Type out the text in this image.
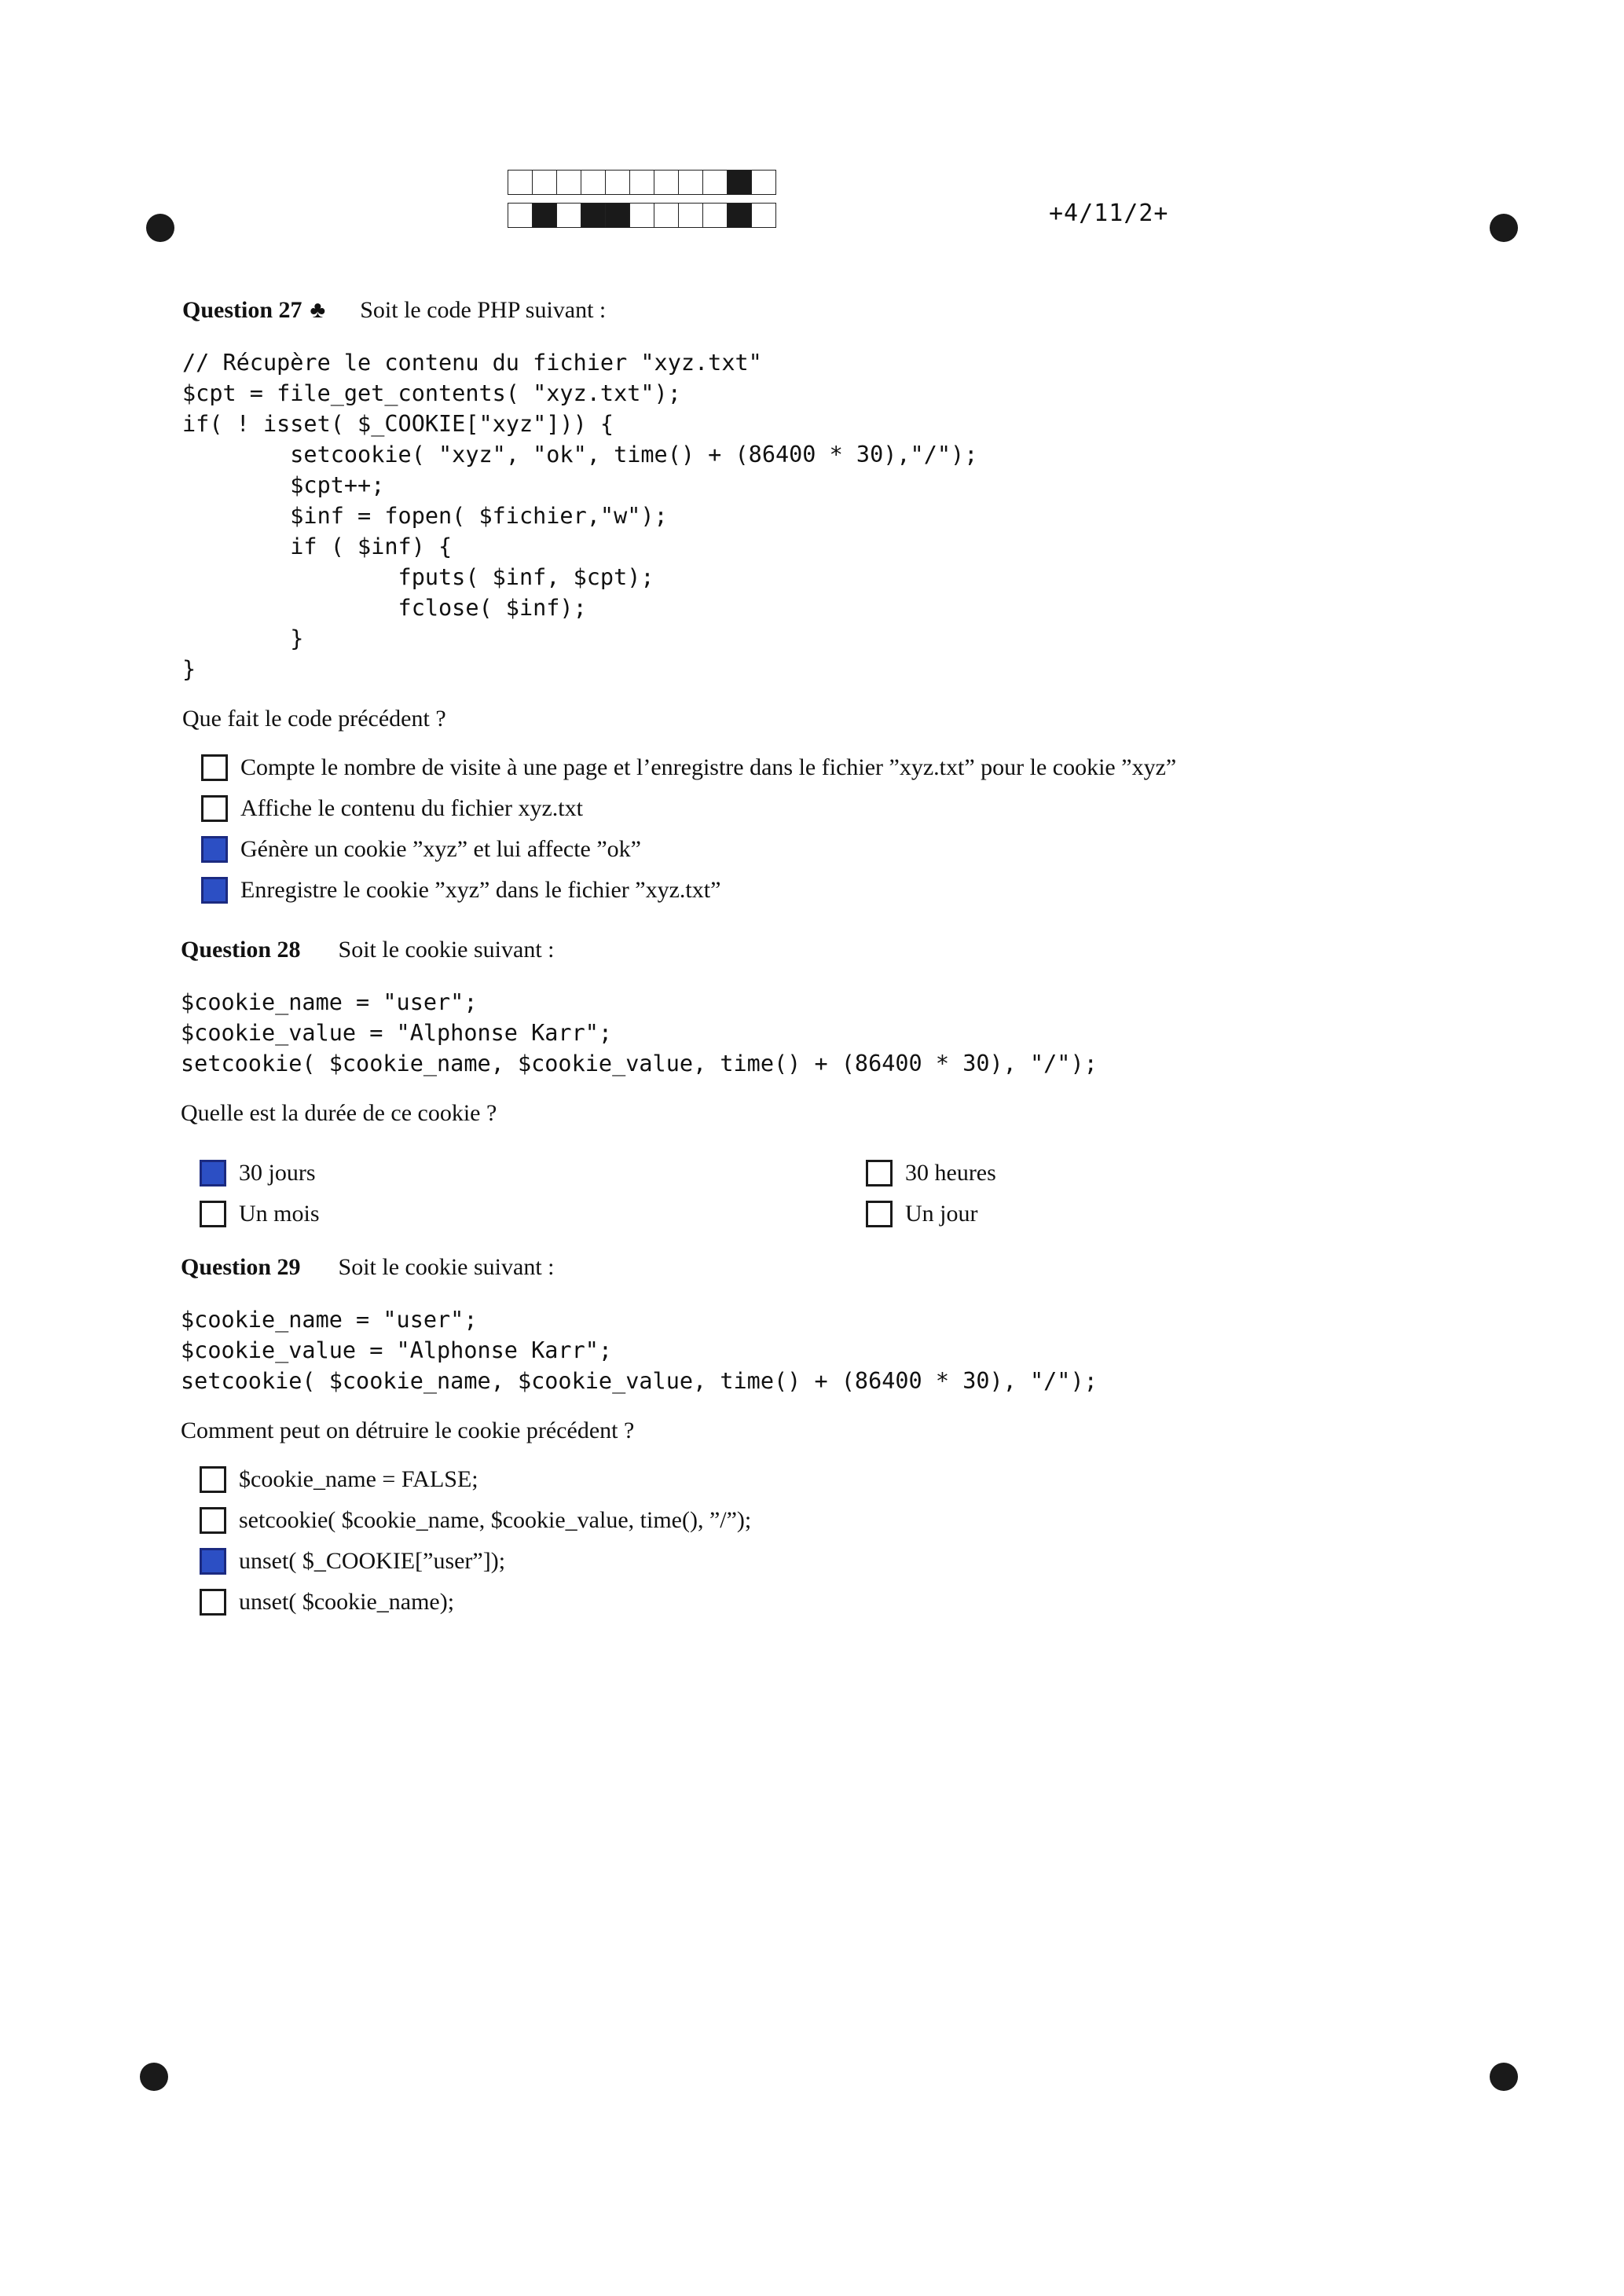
+4/11/2+
Question 27 ♣ Soit le code PHP suivant :
// Récupère le contenu du fichier "xyz.txt"
$cpt = file_get_contents( "xyz.txt");
if( ! isset( $_COOKIE["xyz"])) {
setcookie( "xyz", "ok", time() + (86400 * 30),"/");
$cpt++;
$inf = fopen( $fichier,"w");
if ( $inf) {
fputs( $inf, $cpt);
fclose( $inf);
}
}
Que fait le code précédent ?
Compte le nombre de visite à une page et l’enregistre dans le fichier ”xyz.txt” pour le cookie ”xyz”
Affiche le contenu du fichier xyz.txt
Génère un cookie ”xyz” et lui affecte ”ok”
Enregistre le cookie ”xyz” dans le fichier ”xyz.txt”
Question 28 Soit le cookie suivant :
$cookie_name = "user";
$cookie_value = "Alphonse Karr";
setcookie( $cookie_name, $cookie_value, time() + (86400 * 30), "/");
Quelle est la durée de ce cookie ?
30 jours	30 heures
Un mois	Un jour
Question 29 Soit le cookie suivant :
$cookie_name = "user";
$cookie_value = "Alphonse Karr";
setcookie( $cookie_name, $cookie_value, time() + (86400 * 30), "/");
Comment peut on détruire le cookie précédent ?
$cookie_name = FALSE;
setcookie( $cookie_name, $cookie_value, time(), ”/”);
unset( $_COOKIE[”user”]);
unset( $cookie_name);
